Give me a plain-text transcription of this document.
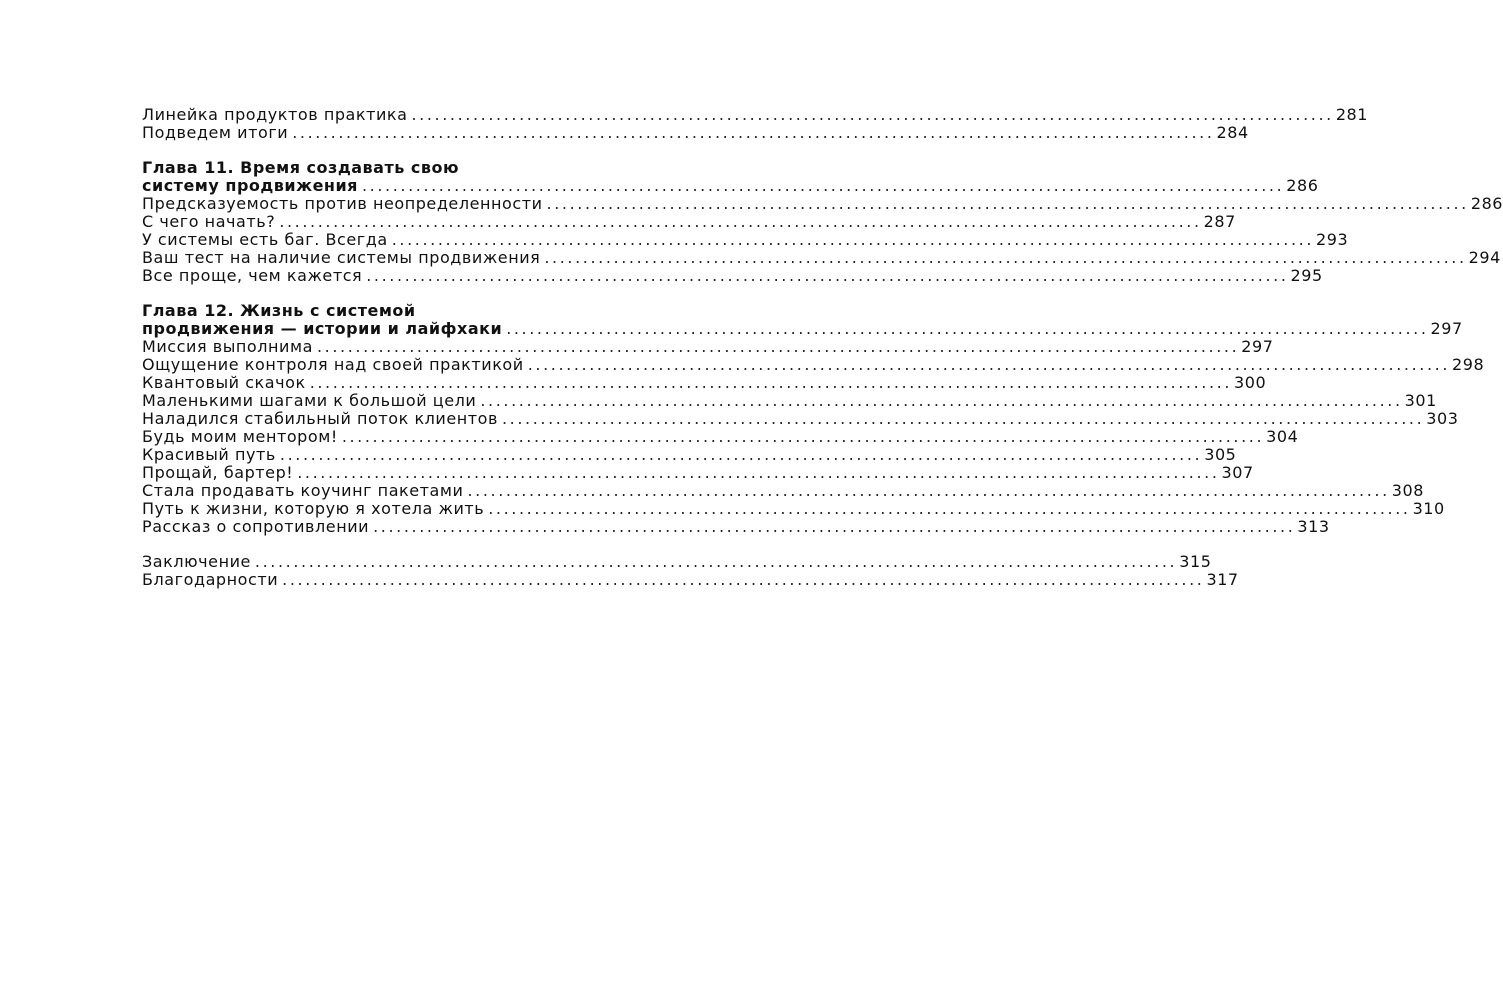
Линейка продуктов практика ........................................................................................................................ 281
Подведем итоги ........................................................................................................................ 284
Глава 11. Время создавать свою
систему продвижения ........................................................................................................................ 286
Предсказуемость против неопределенности ........................................................................................................................ 286
С чего начать? ........................................................................................................................ 287
У системы есть баг. Всегда ........................................................................................................................ 293
Ваш тест на наличие системы продвижения ........................................................................................................................ 294
Все проще, чем кажется ........................................................................................................................ 295
Глава 12. Жизнь с системой
продвижения — истории и лайфхаки ........................................................................................................................ 297
Миссия выполнима ........................................................................................................................ 297
Ощущение контроля над своей практикой ........................................................................................................................ 298
Квантовый скачок ........................................................................................................................ 300
Маленькими шагами к большой цели ........................................................................................................................ 301
Наладился стабильный поток клиентов ........................................................................................................................ 303
Будь моим ментором! ........................................................................................................................ 304
Красивый путь ........................................................................................................................ 305
Прощай, бартер! ........................................................................................................................ 307
Стала продавать коучинг пакетами ........................................................................................................................ 308
Путь к жизни, которую я хотела жить ........................................................................................................................ 310
Рассказ о сопротивлении ........................................................................................................................ 313
Заключение ........................................................................................................................ 315
Благодарности ........................................................................................................................ 317
